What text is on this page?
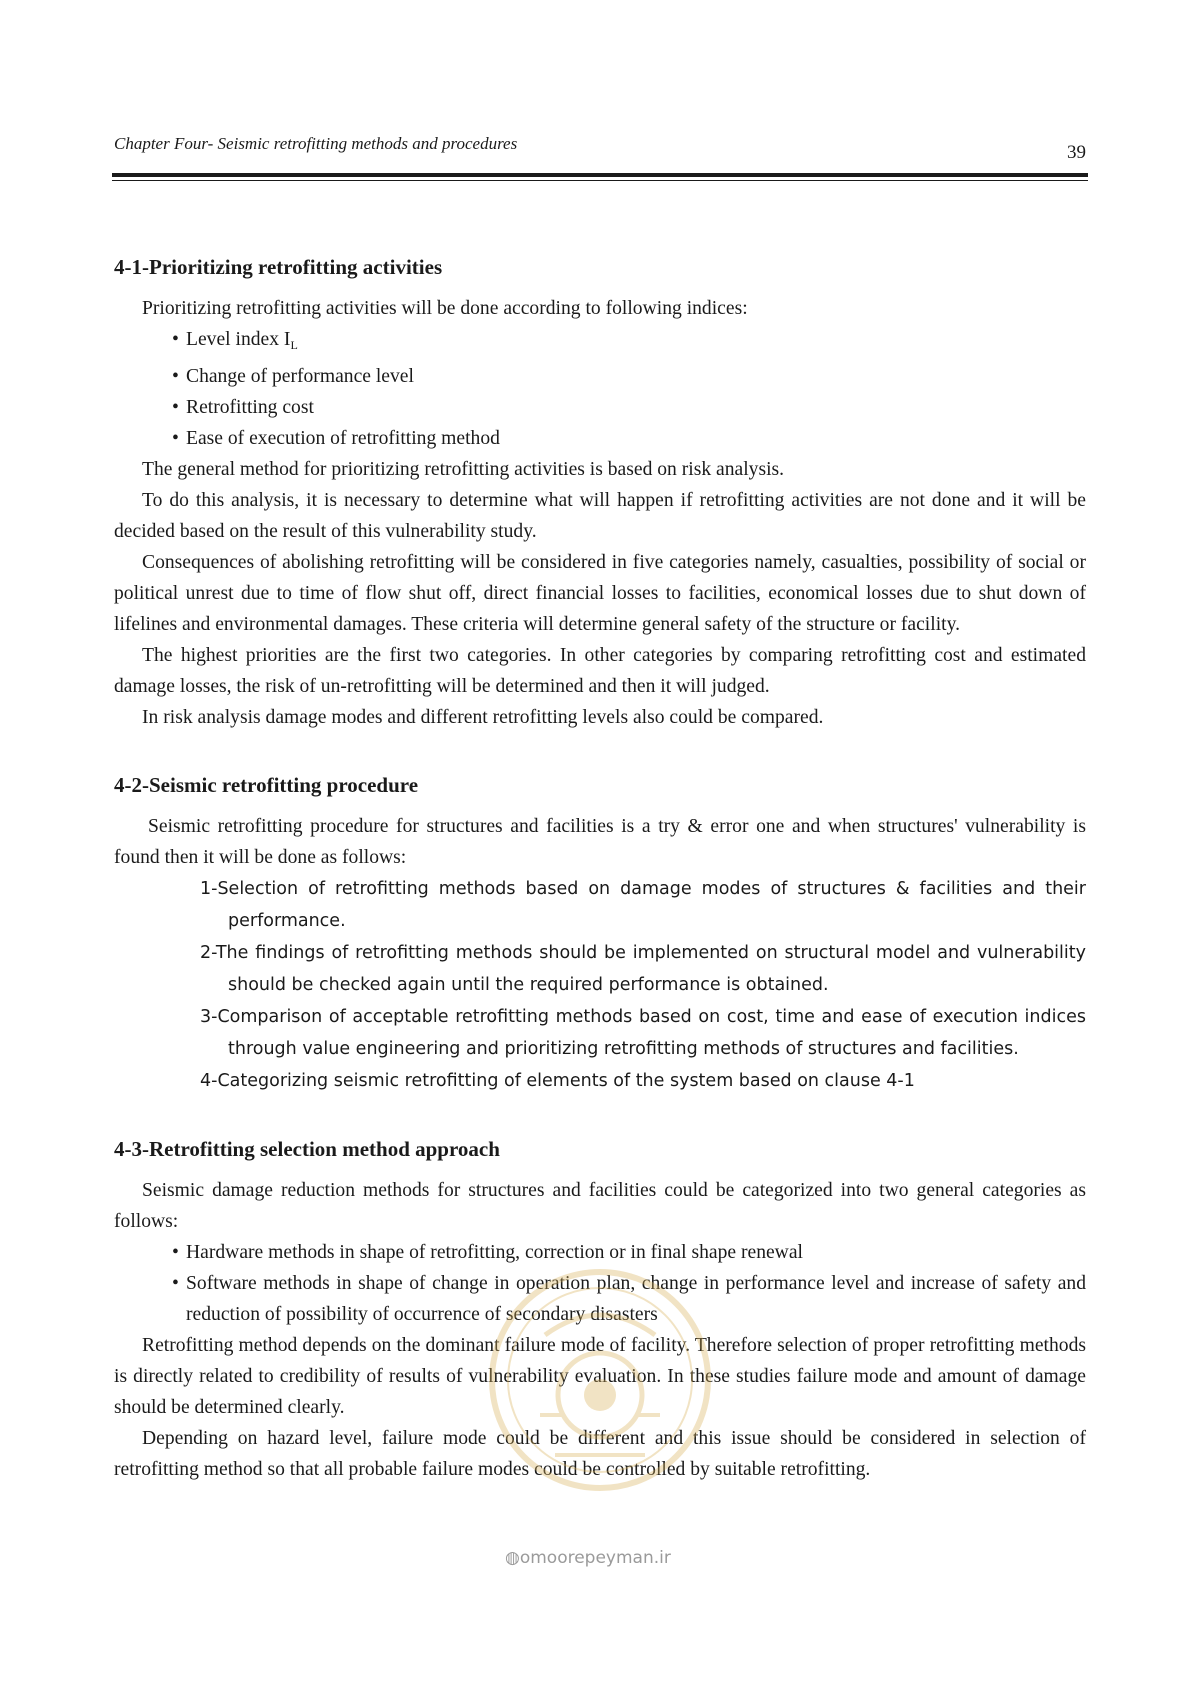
Chapter Four- Seismic retrofitting methods and procedures	39
4-1-Prioritizing retrofitting activities

Prioritizing retrofitting activities will be done according to following indices:

• Level index $I_L$
• Change of performance level
• Retrofitting cost
• Ease of execution of retrofitting method

The general method for prioritizing retrofitting activities is based on risk analysis.

To do this analysis, it is necessary to determine what will happen if retrofitting activities are not done and it will be decided based on the result of this vulnerability study.

Consequences of abolishing retrofitting will be considered in five categories namely, casualties, possibility of social or political unrest due to time of flow shut off, direct financial losses to facilities, economical losses due to shut down of lifelines and environmental damages. These criteria will determine general safety of the structure or facility.

The highest priorities are the first two categories. In other categories by comparing retrofitting cost and estimated damage losses, the risk of un-retrofitting will be determined and then it will judged.

In risk analysis damage modes and different retrofitting levels also could be compared.

4-2-Seismic retrofitting procedure

Seismic retrofitting procedure for structures and facilities is a try & error one and when structures' vulnerability is found then it will be done as follows:

1-Selection of retrofitting methods based on damage modes of structures & facilities and their performance.
2-The findings of retrofitting methods should be implemented on structural model and vulnerability should be checked again until the required performance is obtained.
3-Comparison of acceptable retrofitting methods based on cost, time and ease of execution indices through value engineering and prioritizing retrofitting methods of structures and facilities.
4-Categorizing seismic retrofitting of elements of the system based on clause 4-1
4-3-Retrofitting selection method approach

Seismic damage reduction methods for structures and facilities could be categorized into two general categories as follows:

• Hardware methods in shape of retrofitting, correction or in final shape renewal
• Software methods in shape of change in operation plan, change in performance level and increase of safety and reduction of possibility of occurrence of secondary disasters

Retrofitting method depends on the dominant failure mode of facility. Therefore selection of proper retrofitting methods is directly related to credibility of results of vulnerability evaluation. In these studies failure mode and amount of damage should be determined clearly.

Depending on hazard level, failure mode could be different and this issue should be considered in selection of retrofitting method so that all probable failure modes could be controlled by suitable retrofitting.

◍omoorepeyman.ir
